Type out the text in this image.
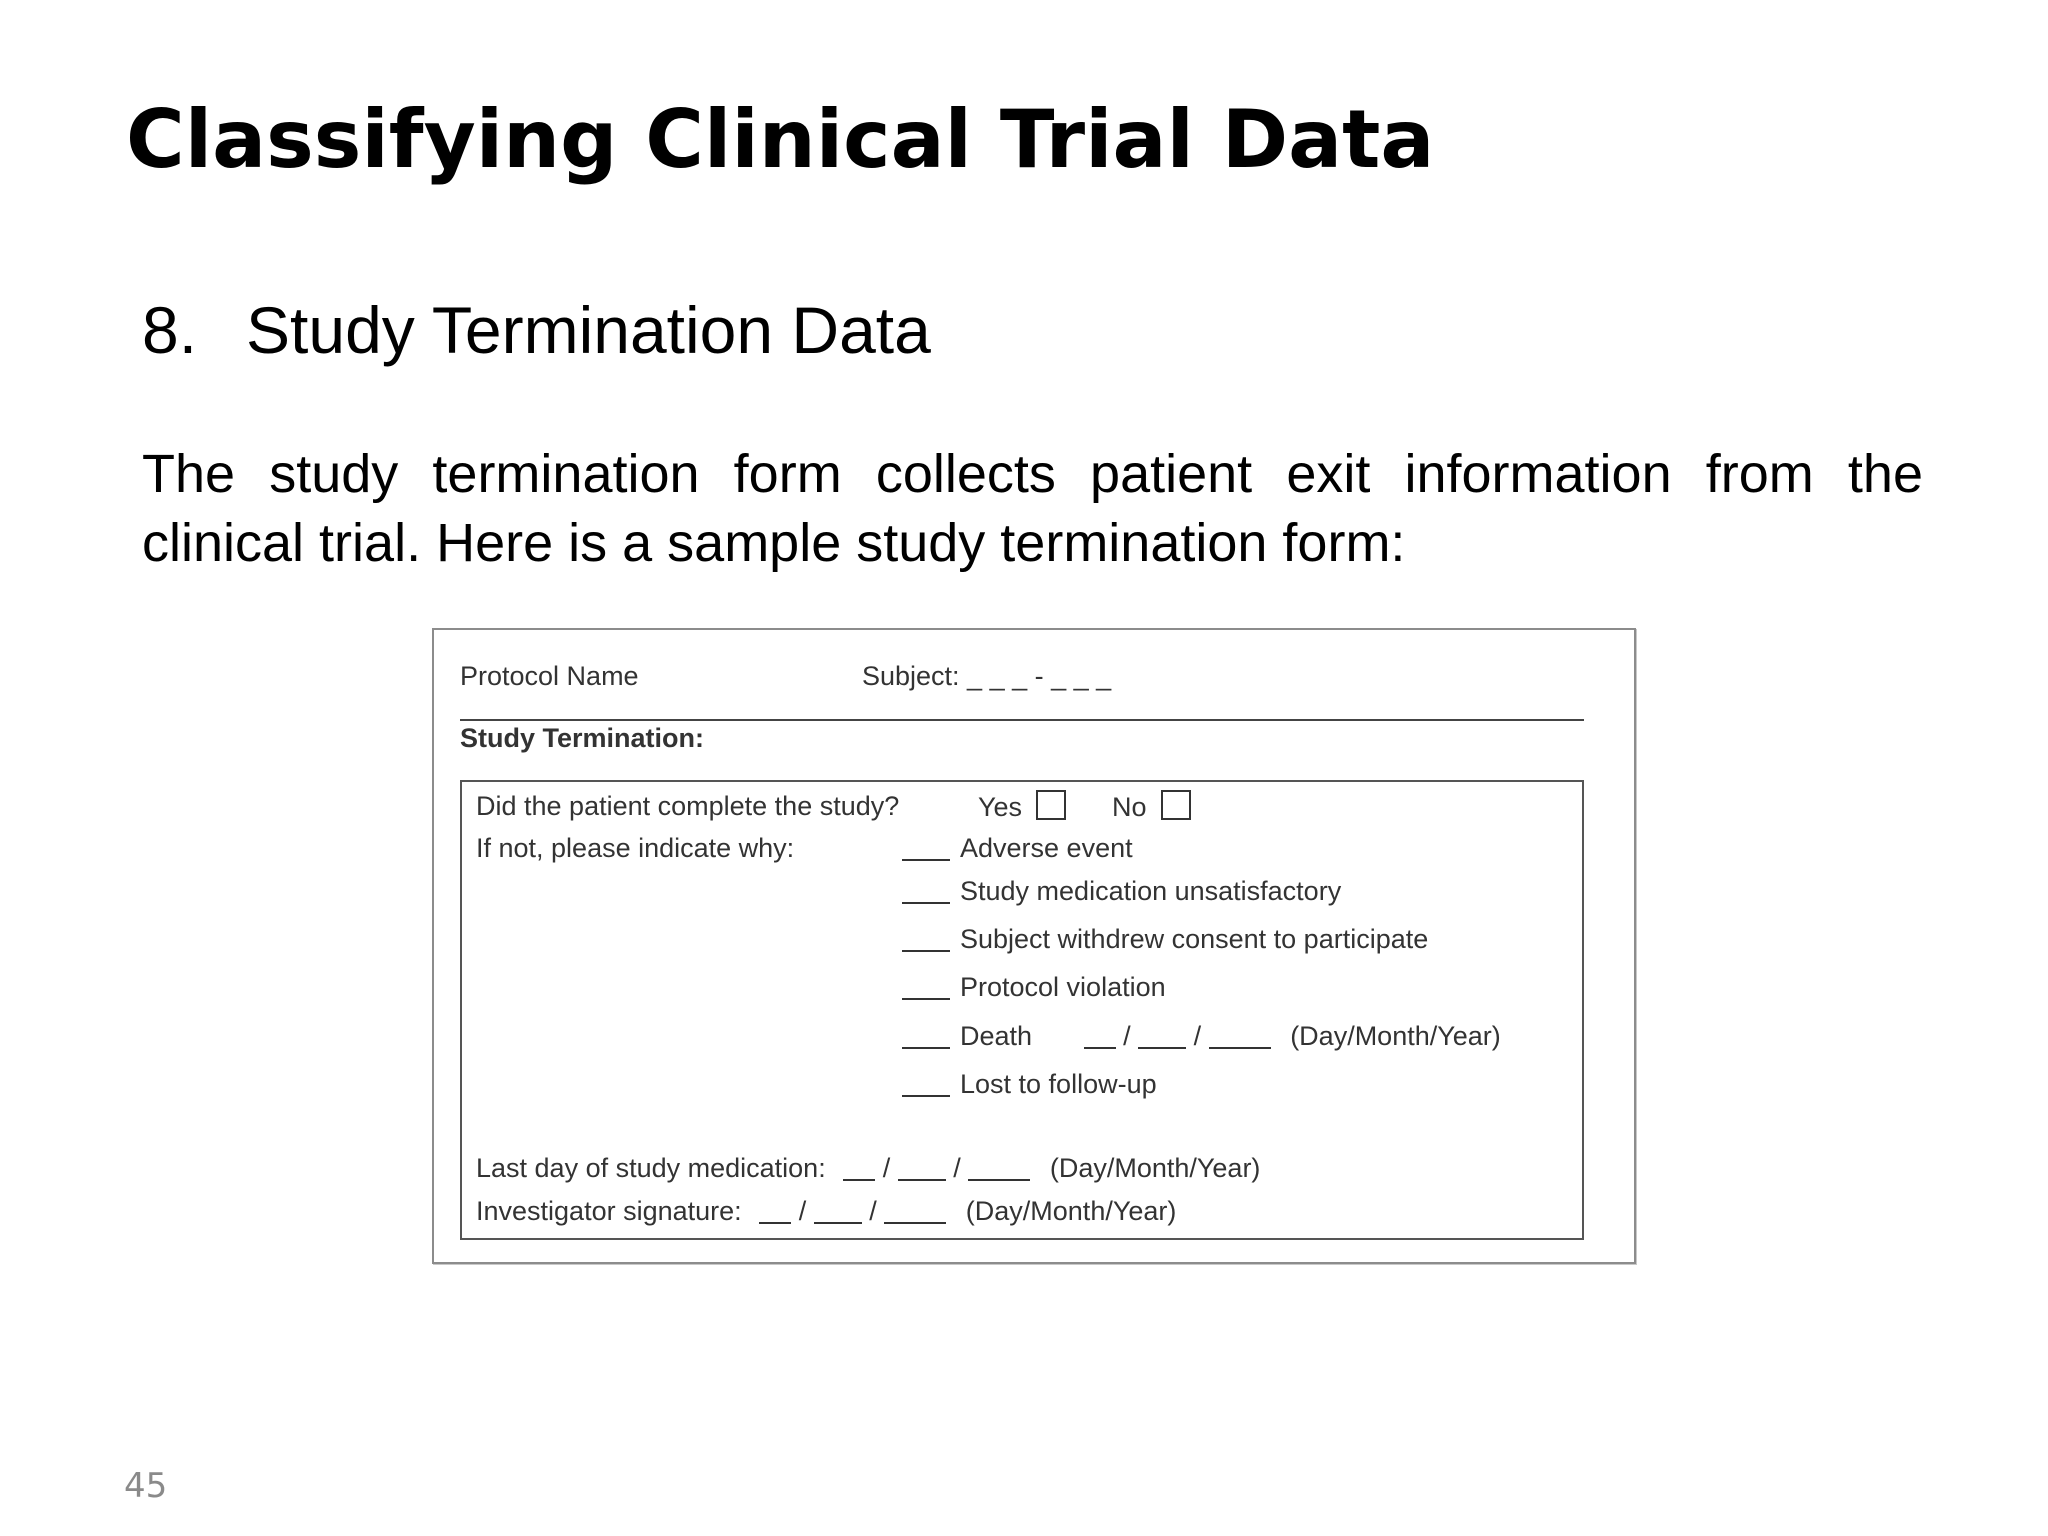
Classifying Clinical Trial Data
8. Study Termination Data

The study termination form collects patient exit information from the clinical trial. Here is a sample study termination form:

Protocol Name	Subject: _ _ _ - _ _ _
Study Termination:
Did the patient complete the study?	Yes	No
If not, please indicate why:	Adverse event
Study medication unsatisfactory
Subject withdrew consent to participate
Protocol violation
Death	/ /	(Day/Month/Year)
Lost to follow-up
Last day of study medication: / /	(Day/Month/Year)
Investigator signature: / /	(Day/Month/Year)
45
